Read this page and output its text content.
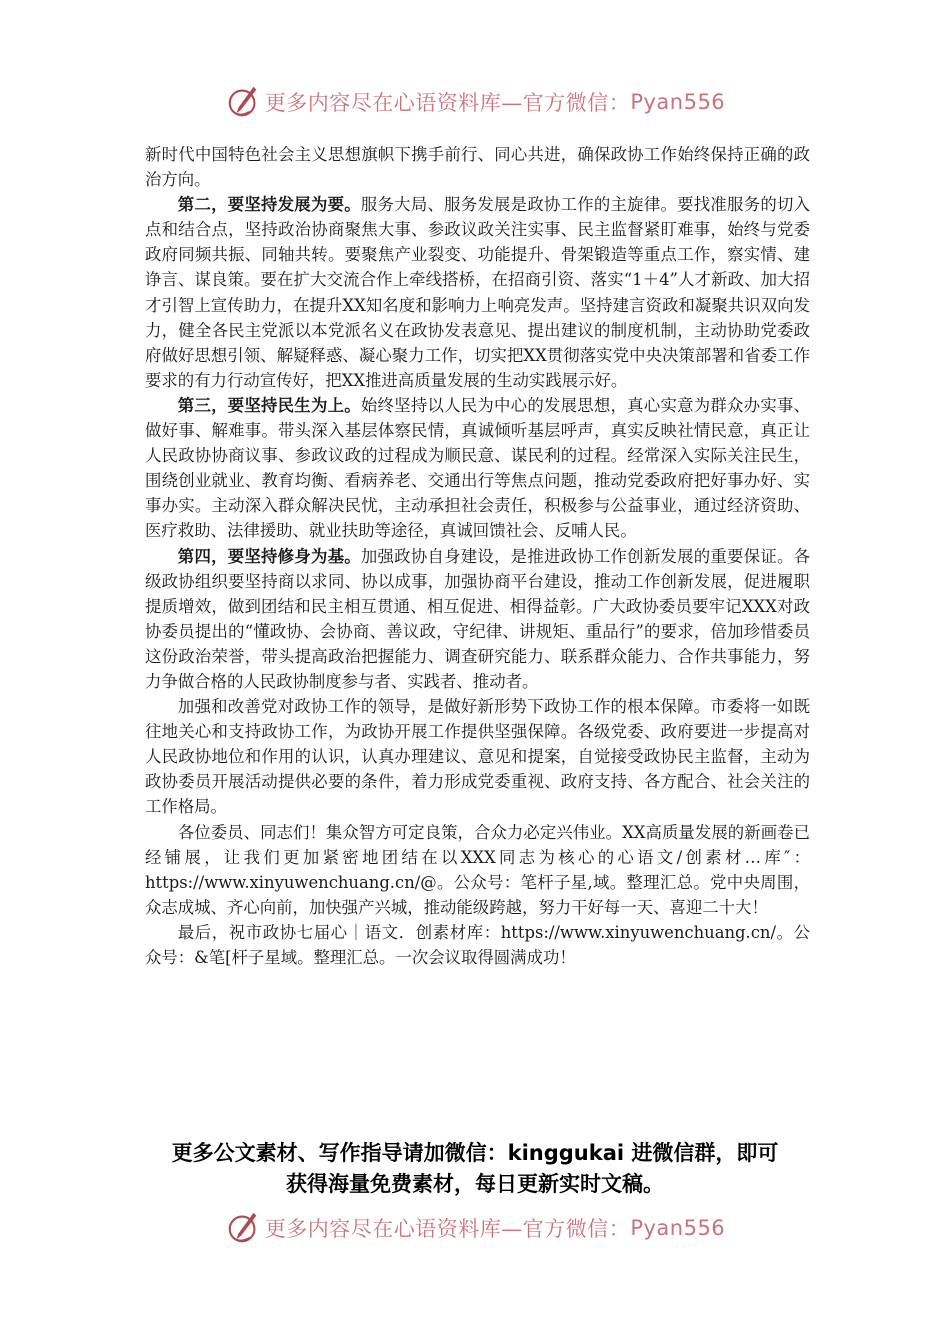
更多内容尽在心语资料库—官方微信： Pyan556

新时代中国特色社会主义思想旗帜下携手前行、同心共进，确保政协工作始终保持正确的政治方向。

第二，要坚持发展为要。服务大局、服务发展是政协工作的主旋律。要找准服务的切入点和结合点，坚持政治协商聚焦大事、参政议政关注实事、民主监督紧盯难事，始终与党委政府同频共振、同轴共转。要聚焦产业裂变、功能提升、骨架锻造等重点工作，察实情、建诤言、谋良策。要在扩大交流合作上牵线搭桥，在招商引资、落实“1＋4”人才新政、加大招才引智上宣传助力，在提升XX知名度和影响力上响亮发声。坚持建言资政和凝聚共识双向发力，健全各民主党派以本党派名义在政协发表意见、提出建议的制度机制，主动协助党委政府做好思想引领、解疑释惑、凝心聚力工作，切实把XX贯彻落实党中央决策部署和省委工作要求的有力行动宣传好，把XX推进高质量发展的生动实践展示好。

第三，要坚持民生为上。始终坚持以人民为中心的发展思想，真心实意为群众办实事、做好事、解难事。带头深入基层体察民情，真诚倾听基层呼声，真实反映社情民意，真正让人民政协协商议事、参政议政的过程成为顺民意、谋民利的过程。经常深入实际关注民生，围绕创业就业、教育均衡、看病养老、交通出行等焦点问题，推动党委政府把好事办好、实事办实。主动深入群众解决民忧，主动承担社会责任，积极参与公益事业，通过经济资助、医疗救助、法律援助、就业扶助等途径，真诚回馈社会、反哺人民。

第四，要坚持修身为基。加强政协自身建设，是推进政协工作创新发展的重要保证。各级政协组织要坚持商以求同、协以成事，加强协商平台建设，推动工作创新发展，促进履职提质增效，做到团结和民主相互贯通、相互促进、相得益彰。广大政协委员要牢记XXX对政协委员提出的“懂政协、会协商、善议政，守纪律、讲规矩、重品行”的要求，倍加珍惜委员这份政治荣誉，带头提高政治把握能力、调查研究能力、联系群众能力、合作共事能力，努力争做合格的人民政协制度参与者、实践者、推动者。

加强和改善党对政协工作的领导，是做好新形势下政协工作的根本保障。市委将一如既往地关心和支持政协工作，为政协开展工作提供坚强保障。各级党委、政府要进一步提高对人民政协地位和作用的认识，认真办理建议、意见和提案，自觉接受政协民主监督，主动为政协委员开展活动提供必要的条件，着力形成党委重视、政府支持、各方配合、社会关注的工作格局。

各位委员、同志们！集众智方可定良策，合众力必定兴伟业。XX高质量发展的新画卷已经铺展，让我们更加紧密地团结在以XXX同志为核心的心语文/创素材…库″：https://www.xinyuwenchuang.cn/@。公众号：笔杆子星,域。整理汇总。党中央周围，众志成城、齐心向前，加快强产兴城，推动能级跨越，努力干好每一天、喜迎二十大！

最后，祝市政协七届心｜语文．创素材库：https://www.xinyuwenchuang.cn/。公众号：&笔[杆子星域。整理汇总。一次会议取得圆满成功！

更多公文素材、写作指导请加微信：kinggukai 进微信群，即可
获得海量免费素材，每日更新实时文稿。
更多内容尽在心语资料库—官方微信： Pyan556
